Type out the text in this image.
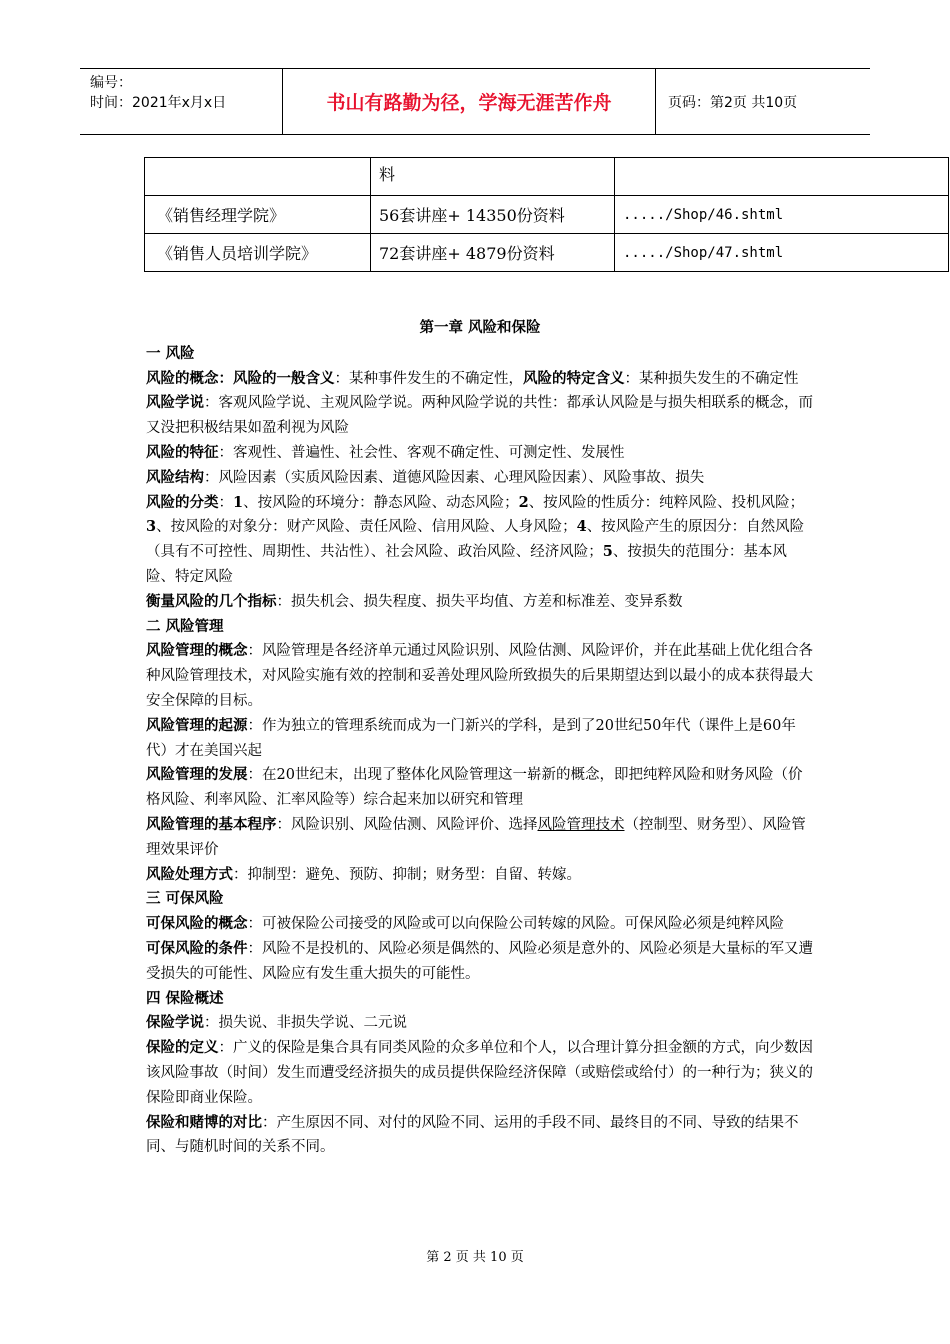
编号：
时间：2021年x月x日	书山有路勤为径，学海无涯苦作舟	页码：第2页 共10页
	料	
《销售经理学院》	56套讲座+ 14350份资料	...../Shop/46.shtml
《销售人员培训学院》	72套讲座+ 4879份资料	...../Shop/47.shtml
第一章 风险和保险

一 风险

风险的概念：风险的一般含义：某种事件发生的不确定性，风险的特定含义：某种损失发生的不确定性

风险学说：客观风险学说、主观风险学说。两种风险学说的共性：都承认风险是与损失相联系的概念，而又没把积极结果如盈利视为风险

风险的特征：客观性、普遍性、社会性、客观不确定性、可测定性、发展性

风险结构：风险因素（实质风险因素、道德风险因素、心理风险因素）、风险事故、损失

风险的分类：1、按风险的环境分：静态风险、动态风险；2、按风险的性质分：纯粹风险、投机风险；3、按风险的对象分：财产风险、责任风险、信用风险、人身风险；4、按风险产生的原因分：自然风险（具有不可控性、周期性、共沾性）、社会风险、政治风险、经济风险；5、按损失的范围分：基本风险、特定风险

衡量风险的几个指标：损失机会、损失程度、损失平均值、方差和标准差、变异系数

二 风险管理

风险管理的概念：风险管理是各经济单元通过风险识别、风险估测、风险评价，并在此基础上优化组合各种风险管理技术，对风险实施有效的控制和妥善处理风险所致损失的后果期望达到以最小的成本获得最大安全保障的目标。

风险管理的起源：作为独立的管理系统而成为一门新兴的学科，是到了20世纪50年代（课件上是60年代）才在美国兴起

风险管理的发展：在20世纪末，出现了整体化风险管理这一崭新的概念，即把纯粹风险和财务风险（价格风险、利率风险、汇率风险等）综合起来加以研究和管理

风险管理的基本程序：风险识别、风险估测、风险评价、选择风险管理技术（控制型、财务型）、风险管理效果评价

风险处理方式：抑制型：避免、预防、抑制；财务型：自留、转嫁。

三 可保风险

可保风险的概念：可被保险公司接受的风险或可以向保险公司转嫁的风险。可保风险必须是纯粹风险

可保风险的条件：风险不是投机的、风险必须是偶然的、风险必须是意外的、风险必须是大量标的军又遭受损失的可能性、风险应有发生重大损失的可能性。

四 保险概述

保险学说：损失说、非损失学说、二元说

保险的定义：广义的保险是集合具有同类风险的众多单位和个人，以合理计算分担金额的方式，向少数因该风险事故（时间）发生而遭受经济损失的成员提供保险经济保障（或赔偿或给付）的一种行为；狭义的保险即商业保险。

保险和赌博的对比：产生原因不同、对付的风险不同、运用的手段不同、最终目的不同、导致的结果不同、与随机时间的关系不同。

第 2 页 共 10 页
